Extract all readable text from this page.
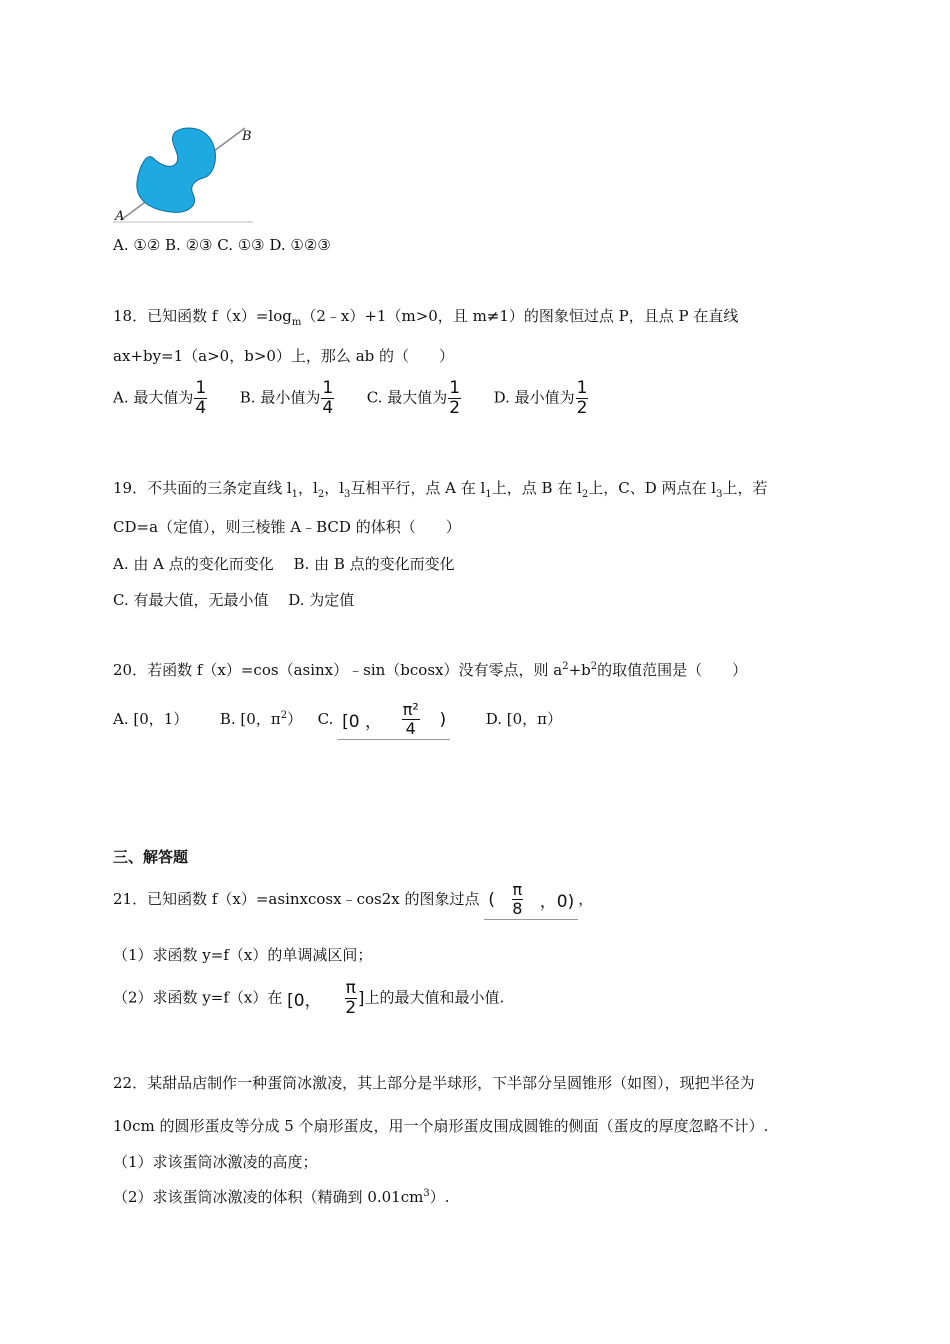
A
B
A. ①② B. ②③ C. ①③ D. ①②③
18．已知函数 $f(x)=\log_m(2﹣x)+1(m>0$，且 m≠1）的图象恒过点 P，且点 P 在直线
ax+by=1（a>0，b>0）上，那么 ab 的（　　）
A. 最大值为 $\frac{1}{4} B$. 最小值为 $\frac{1}{4} C$. 最大值为 $\frac{1}{2} D$. 最小值为 $\frac{1}{2}$
19．不共面的三条定直线 $l_1$，$l_2$，$l_3$互相平行，点 A 在 $l_1$上，点 B 在 $l_2$上，C、D 两点在 $l_3$上，若
CD=a（定值），则三棱锥 A﹣BCD 的体积（　　）
A. 由 A 点的变化而变化　 B. 由 B 点的变化而变化
C. 有最大值，无最小值　 D. 为定值
20．若函数 f（x）=cos（asinx）﹣sin（bcosx）没有零点，则 $a^2+b^2$的取值范围是（　　）
A. [0，1） B. [0，$\pi^2$） C. [0 ， $\frac{\text{π²}}{4}$ )	D. [0，π）
三、解答题
21．已知函数 f（x）=asinxcosx﹣cos2x 的图象过点 ( $\frac{\pi}{8}$ ，0) ，
（1）求函数 y=f（x）的单调减区间；
（2）求函数 y=f（x）在 [0， $\frac{\pi}{2}$ ] 上的最大值和最小值.
22．某甜品店制作一种蛋筒冰激凌，其上部分是半球形，下半部分呈圆锥形（如图），现把半径为
10cm 的圆形蛋皮等分成 5 个扇形蛋皮，用一个扇形蛋皮围成圆锥的侧面（蛋皮的厚度忽略不计）.
（1）求该蛋筒冰激凌的高度；
（2）求该蛋筒冰激凌的体积（精确到 $0.01cm^3$）.
